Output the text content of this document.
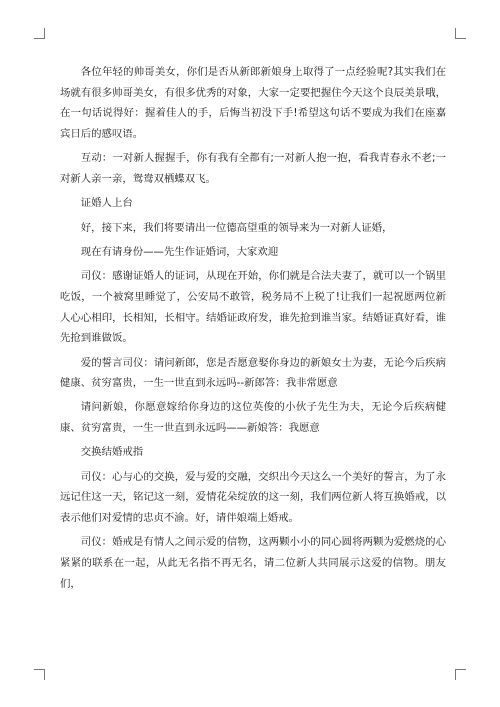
各位年轻的帅哥美女，你们是否从新郎新娘身上取得了一点经验呢?其实我们在场就有很多帅哥美女，有很多优秀的对象，大家一定要把握住今天这个良辰美景哦，在一句话说得好：握着佳人的手，后悔当初没下手!希望这句话不要成为我们在座嘉宾日后的感叹语。

互动：一对新人握握手，你有我有全都有;一对新人抱一抱，看我青春永不老;一对新人亲一亲，鸳鸯双栖蝶双飞。

证婚人上台

好，接下来，我们将要请出一位德高望重的领导来为一对新人证婚，

现在有请身份——先生作证婚词，大家欢迎

司仪：感谢证婚人的证词，从现在开始，你们就是合法夫妻了，就可以一个锅里吃饭，一个被窝里睡觉了，公安局不敢管，税务局不上税了!让我们一起祝愿两位新人心心相印，长相知，长相守。结婚证政府发，谁先抢到谁当家。结婚证真好看，谁先抢到谁做饭。

爱的誓言司仪：请问新郎，您是否愿意娶你身边的新娘女士为妻，无论今后疾病健康、贫穷富贵，一生一世直到永远吗--新郎答：我非常愿意

请问新娘，你愿意嫁给你身边的这位英俊的小伙子先生为夫，无论今后疾病健康、贫穷富贵，一生一世直到永远吗——新娘答：我愿意

交换结婚戒指

司仪：心与心的交换，爱与爱的交融，交织出今天这么一个美好的誓言，为了永远记住这一天，铭记这一刻，爱情花朵绽放的这一刻，我们两位新人将互换婚戒，以表示他们对爱情的忠贞不渝。好，请伴娘端上婚戒。

司仪：婚戒是有情人之间示爱的信物，这两颗小小的同心圆将两颗为爱燃烧的心紧紧的联系在一起，从此无名指不再无名，请二位新人共同展示这爱的信物。朋友们，
